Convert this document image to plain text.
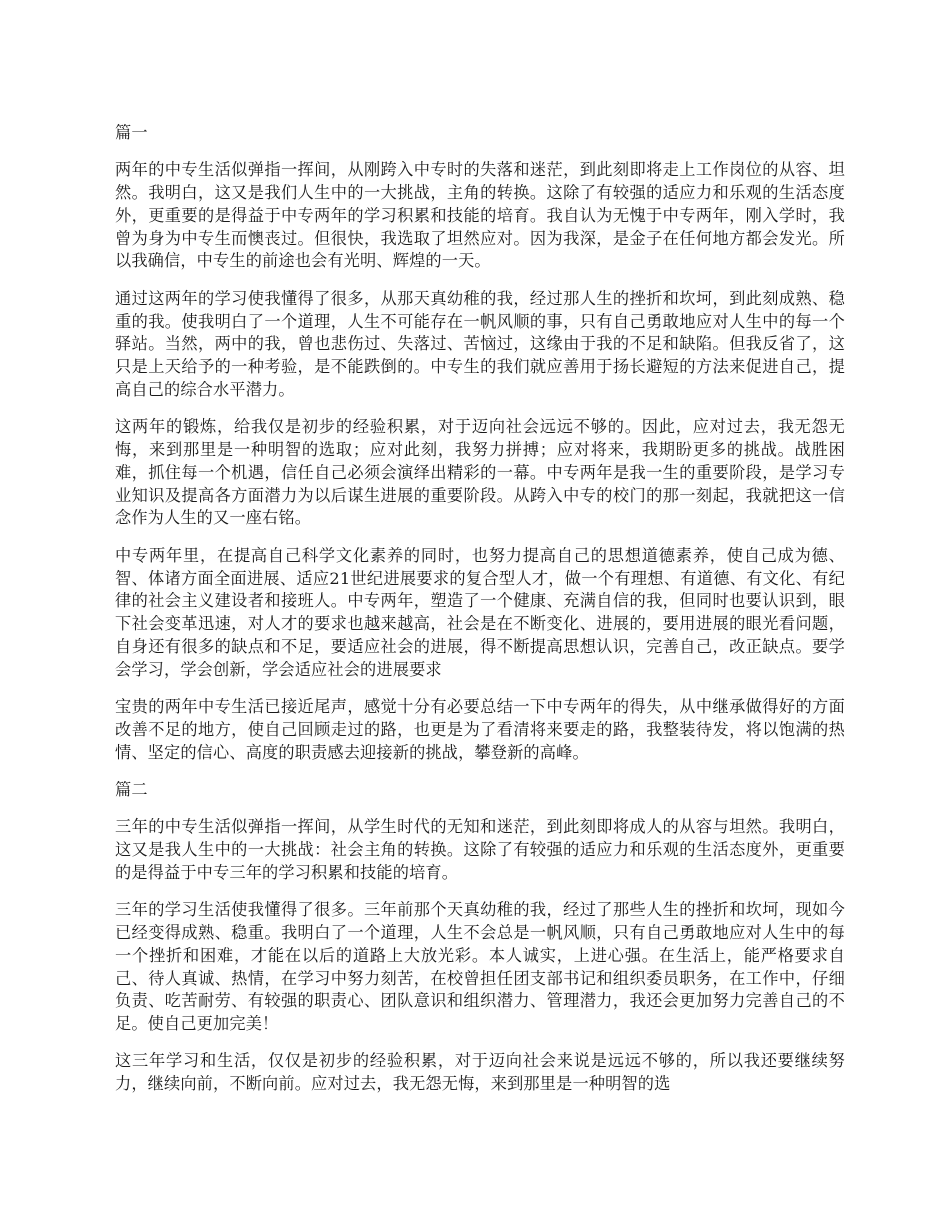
篇一

两年的中专生活似弹指一挥间，从刚跨入中专时的失落和迷茫，到此刻即将走上工作岗位的从容、坦然。我明白，这又是我们人生中的一大挑战，主角的转换。这除了有较强的适应力和乐观的生活态度外，更重要的是得益于中专两年的学习积累和技能的培育。我自认为无愧于中专两年，刚入学时，我曾为身为中专生而懊丧过。但很快，我选取了坦然应对。因为我深，是金子在任何地方都会发光。所以我确信，中专生的前途也会有光明、辉煌的一天。

通过这两年的学习使我懂得了很多，从那天真幼稚的我，经过那人生的挫折和坎坷，到此刻成熟、稳重的我。使我明白了一个道理，人生不可能存在一帆风顺的事，只有自己勇敢地应对人生中的每一个驿站。当然，两中的我，曾也悲伤过、失落过、苦恼过，这缘由于我的不足和缺陷。但我反省了，这只是上天给予的一种考验，是不能跌倒的。中专生的我们就应善用于扬长避短的方法来促进自己，提高自己的综合水平潜力。

这两年的锻炼，给我仅是初步的经验积累，对于迈向社会远远不够的。因此，应对过去，我无怨无悔，来到那里是一种明智的选取；应对此刻，我努力拼搏；应对将来，我期盼更多的挑战。战胜困难，抓住每一个机遇，信任自己必须会演绎出精彩的一幕。中专两年是我一生的重要阶段，是学习专业知识及提高各方面潜力为以后谋生进展的重要阶段。从跨入中专的校门的那一刻起，我就把这一信念作为人生的又一座右铭。

中专两年里，在提高自己科学文化素养的同时，也努力提高自己的思想道德素养，使自己成为德、智、体诸方面全面进展、适应21世纪进展要求的复合型人才，做一个有理想、有道德、有文化、有纪律的社会主义建设者和接班人。中专两年，塑造了一个健康、充满自信的我，但同时也要认识到，眼下社会变革迅速，对人才的要求也越来越高，社会是在不断变化、进展的，要用进展的眼光看问题，自身还有很多的缺点和不足，要适应社会的进展，得不断提高思想认识，完善自己，改正缺点。要学会学习，学会创新，学会适应社会的进展要求

宝贵的两年中专生活已接近尾声，感觉十分有必要总结一下中专两年的得失，从中继承做得好的方面改善不足的地方，使自己回顾走过的路，也更是为了看清将来要走的路，我整装待发，将以饱满的热情、坚定的信心、高度的职责感去迎接新的挑战，攀登新的高峰。

篇二

三年的中专生活似弹指一挥间，从学生时代的无知和迷茫，到此刻即将成人的从容与坦然。我明白，这又是我人生中的一大挑战：社会主角的转换。这除了有较强的适应力和乐观的生活态度外，更重要的是得益于中专三年的学习积累和技能的培育。

三年的学习生活使我懂得了很多。三年前那个天真幼稚的我，经过了那些人生的挫折和坎坷，现如今已经变得成熟、稳重。我明白了一个道理，人生不会总是一帆风顺，只有自己勇敢地应对人生中的每一个挫折和困难，才能在以后的道路上大放光彩。本人诚实，上进心强。在生活上，能严格要求自己、待人真诚、热情，在学习中努力刻苦，在校曾担任团支部书记和组织委员职务，在工作中，仔细负责、吃苦耐劳、有较强的职责心、团队意识和组织潜力、管理潜力，我还会更加努力完善自己的不足。使自己更加完美！

这三年学习和生活，仅仅是初步的经验积累，对于迈向社会来说是远远不够的，所以我还要继续努力，继续向前，不断向前。应对过去，我无怨无悔，来到那里是一种明智的选
